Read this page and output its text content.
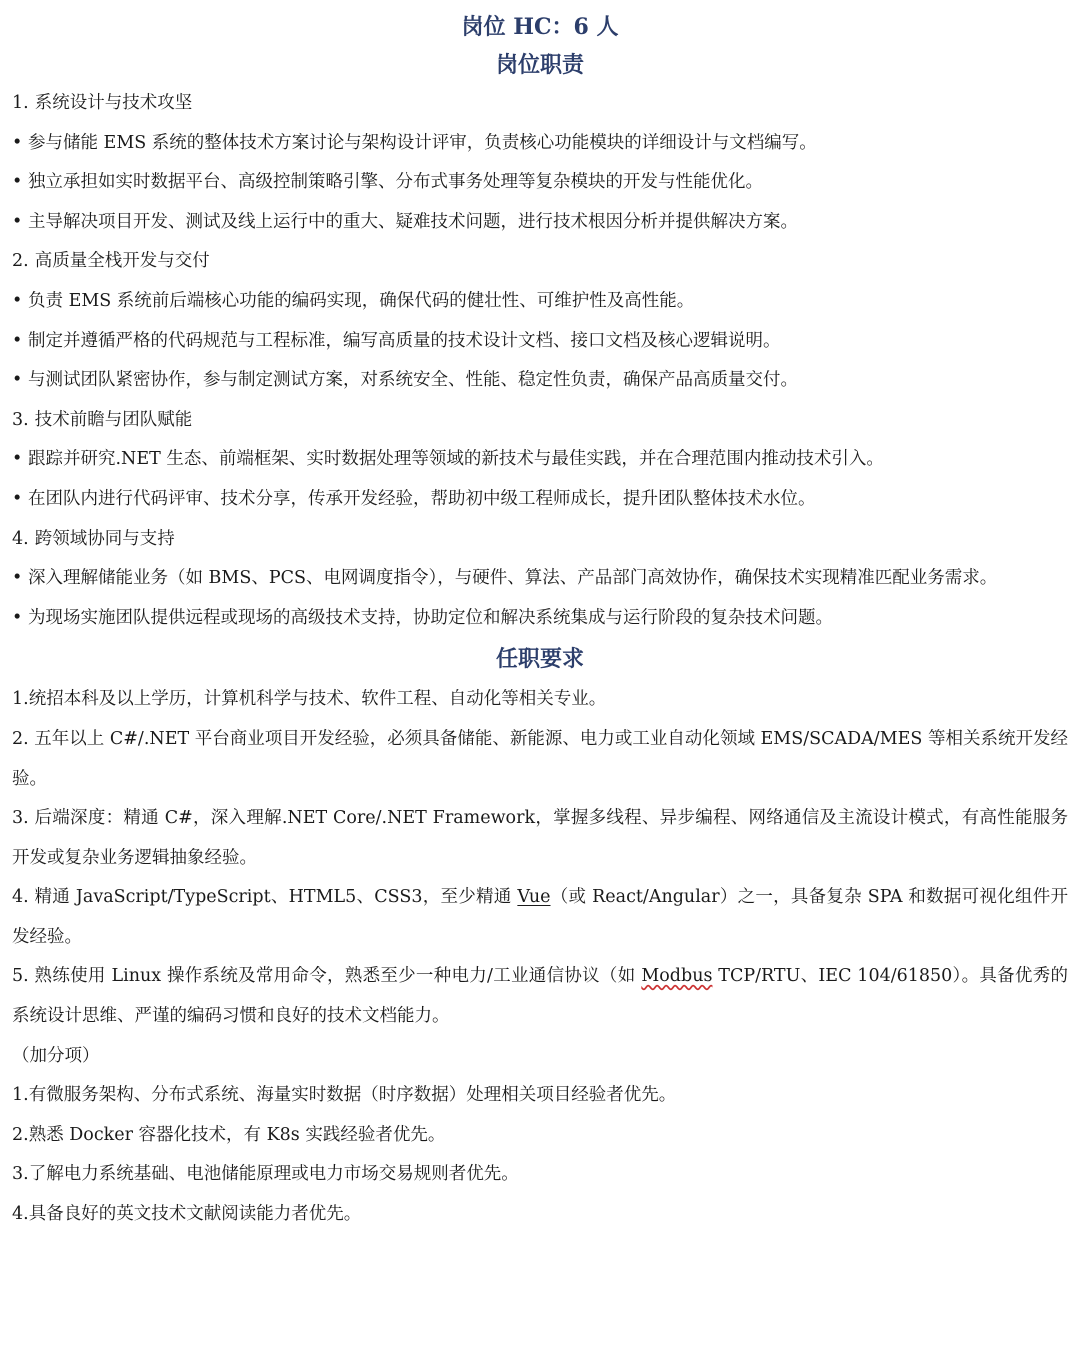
岗位 HC：6 人
岗位职责
1. 系统设计与技术攻坚
• 参与储能 EMS 系统的整体技术方案讨论与架构设计评审，负责核心功能模块的详细设计与文档编写。
• 独立承担如实时数据平台、高级控制策略引擎、分布式事务处理等复杂模块的开发与性能优化。
• 主导解决项目开发、测试及线上运行中的重大、疑难技术问题，进行技术根因分析并提供解决方案。
2. 高质量全栈开发与交付
• 负责 EMS 系统前后端核心功能的编码实现，确保代码的健壮性、可维护性及高性能。
• 制定并遵循严格的代码规范与工程标准，编写高质量的技术设计文档、接口文档及核心逻辑说明。
• 与测试团队紧密协作，参与制定测试方案，对系统安全、性能、稳定性负责，确保产品高质量交付。
3. 技术前瞻与团队赋能
• 跟踪并研究.NET 生态、前端框架、实时数据处理等领域的新技术与最佳实践，并在合理范围内推动技术引入。
• 在团队内进行代码评审、技术分享，传承开发经验，帮助初中级工程师成长，提升团队整体技术水位。
4. 跨领域协同与支持
• 深入理解储能业务（如 BMS、PCS、电网调度指令），与硬件、算法、产品部门高效协作，确保技术实现精准匹配业务需求。
• 为现场实施团队提供远程或现场的高级技术支持，协助定位和解决系统集成与运行阶段的复杂技术问题。
任职要求
1.统招本科及以上学历，计算机科学与技术、软件工程、自动化等相关专业。
2. 五年以上 C#/.NET 平台商业项目开发经验，必须具备储能、新能源、电力或工业自动化领域 EMS/SCADA/MES 等相关系统开发经验。
3. 后端深度：精通 C#，深入理解.NET Core/.NET Framework，掌握多线程、异步编程、网络通信及主流设计模式，有高性能服务开发或复杂业务逻辑抽象经验。
4. 精通 JavaScript/TypeScript、HTML5、CSS3，至少精通 Vue（或 React/Angular）之一，具备复杂 SPA 和数据可视化组件开发经验。
5. 熟练使用 Linux 操作系统及常用命令，熟悉至少一种电力/工业通信协议（如 Modbus TCP/RTU、IEC 104/61850）。具备优秀的系统设计思维、严谨的编码习惯和良好的技术文档能力。
（加分项）
1.有微服务架构、分布式系统、海量实时数据（时序数据）处理相关项目经验者优先。
2.熟悉 Docker 容器化技术，有 K8s 实践经验者优先。
3.了解电力系统基础、电池储能原理或电力市场交易规则者优先。
4.具备良好的英文技术文献阅读能力者优先。
